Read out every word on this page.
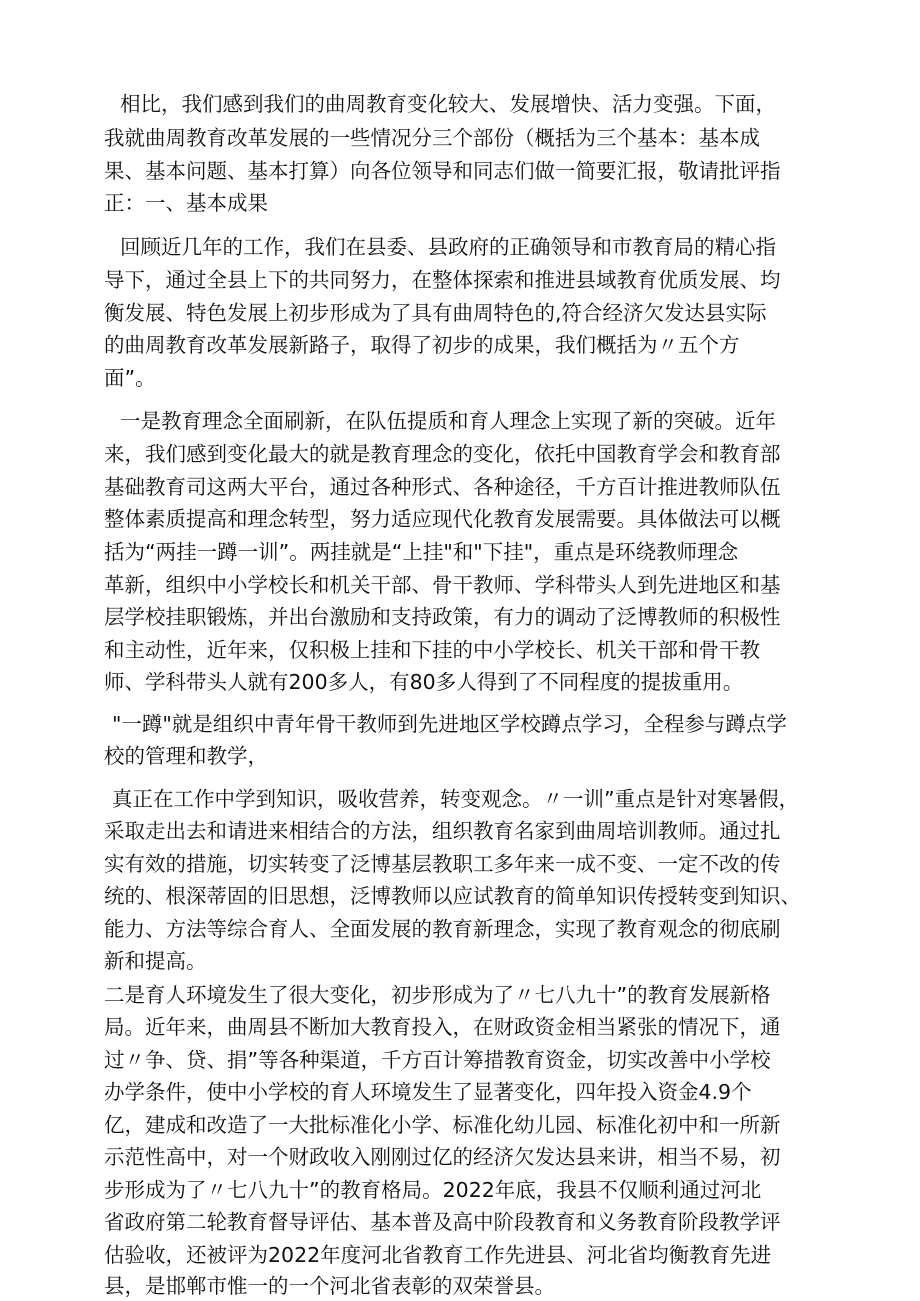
相比，我们感到我们的曲周教育变化较大、发展增快、活力变强。下面，

我就曲周教育改革发展的一些情况分三个部份（概括为三个基本：基本成

果、基本问题、基本打算）向各位领导和同志们做一简要汇报，敬请批评指

正：一、基本成果

回顾近几年的工作，我们在县委、县政府的正确领导和市教育局的精心指

导下，通过全县上下的共同努力，在整体探索和推进县域教育优质发展、均

衡发展、特色发展上初步形成为了具有曲周特色的,符合经济欠发达县实际

的曲周教育改革发展新路子，取得了初步的成果，我们概括为〃五个方

面”。

一是教育理念全面刷新，在队伍提质和育人理念上实现了新的突破。近年

来，我们感到变化最大的就是教育理念的变化，依托中国教育学会和教育部

基础教育司这两大平台，通过各种形式、各种途径，千方百计推进教师队伍

整体素质提高和理念转型，努力适应现代化教育发展需要。具体做法可以概

括为“两挂一蹲一训”。两挂就是“上挂"和"下挂"，重点是环绕教师理念

革新，组织中小学校长和机关干部、骨干教师、学科带头人到先进地区和基

层学校挂职锻炼，并出台激励和支持政策，有力的调动了泛博教师的积极性

和主动性，近年来，仅积极上挂和下挂的中小学校长、机关干部和骨干教

师、学科带头人就有200多人，有80多人得到了不同程度的提拔重用。

"一蹲"就是组织中青年骨干教师到先进地区学校蹲点学习，全程参与蹲点学

校的管理和教学，

真正在工作中学到知识，吸收营养，转变观念。〃一训”重点是针对寒暑假，

采取走出去和请进来相结合的方法，组织教育名家到曲周培训教师。通过扎

实有效的措施，切实转变了泛博基层教职工多年来一成不变、一定不改的传

统的、根深蒂固的旧思想，泛博教师以应试教育的简单知识传授转变到知识、

能力、方法等综合育人、全面发展的教育新理念，实现了教育观念的彻底刷

新和提高。

二是育人环境发生了很大变化，初步形成为了〃七八九十”的教育发展新格

局。近年来，曲周县不断加大教育投入，在财政资金相当紧张的情况下，通

过〃争、贷、捐”等各种渠道，千方百计筹措教育资金，切实改善中小学校

办学条件，使中小学校的育人环境发生了显著变化，四年投入资金4.9个

亿，建成和改造了一大批标准化小学、标准化幼儿园、标准化初中和一所新

示范性高中，对一个财政收入刚刚过亿的经济欠发达县来讲，相当不易，初

步形成为了〃七八九十”的教育格局。2022年底，我县不仅顺利通过河北

省政府第二轮教育督导评估、基本普及高中阶段教育和义务教育阶段教学评

估验收，还被评为2022年度河北省教育工作先进县、河北省均衡教育先进

县，是邯郸市惟一的一个河北省表彰的双荣誉县。
